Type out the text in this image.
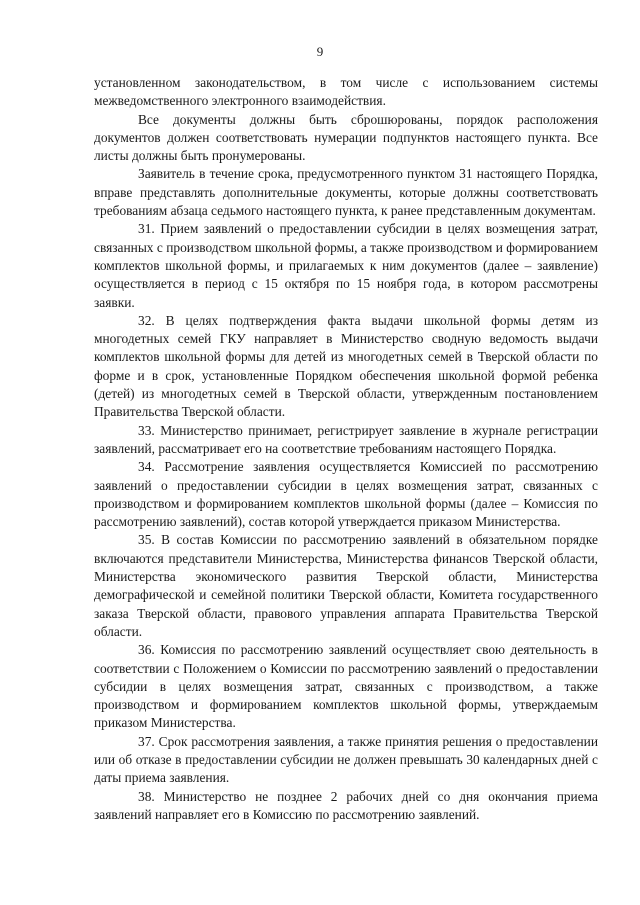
9

установленном законодательством, в том числе с использованием системы межведомственного электронного взаимодействия.

Все документы должны быть сброшюрованы, порядок расположения документов должен соответствовать нумерации подпунктов настоящего пункта. Все листы должны быть пронумерованы.

Заявитель в течение срока, предусмотренного пунктом 31 настоящего Порядка, вправе представлять дополнительные документы, которые должны соответствовать требованиям абзаца седьмого настоящего пункта, к ранее представленным документам.

31. Прием заявлений о предоставлении субсидии в целях возмещения затрат, связанных с производством школьной формы, а также производством и формированием комплектов школьной формы, и прилагаемых к ним документов (далее – заявление) осуществляется в период с 15 октября по 15 ноября года, в котором рассмотрены заявки.

32. В целях подтверждения факта выдачи школьной формы детям из многодетных семей ГКУ направляет в Министерство сводную ведомость выдачи комплектов школьной формы для детей из многодетных семей в Тверской области по форме и в срок, установленные Порядком обеспечения школьной формой ребенка (детей) из многодетных семей в Тверской области, утвержденным постановлением Правительства Тверской области.

33. Министерство принимает, регистрирует заявление в журнале регистрации заявлений, рассматривает его на соответствие требованиям настоящего Порядка.

34. Рассмотрение заявления осуществляется Комиссией по рассмотрению заявлений о предоставлении субсидии в целях возмещения затрат, связанных с производством и формированием комплектов школьной формы (далее – Комиссия по рассмотрению заявлений), состав которой утверждается приказом Министерства.

35. В состав Комиссии по рассмотрению заявлений в обязательном порядке включаются представители Министерства, Министерства финансов Тверской области, Министерства экономического развития Тверской области, Министерства демографической и семейной политики Тверской области, Комитета государственного заказа Тверской области, правового управления аппарата Правительства Тверской области.

36. Комиссия по рассмотрению заявлений осуществляет свою деятельность в соответствии с Положением о Комиссии по рассмотрению заявлений о предоставлении субсидии в целях возмещения затрат, связанных с производством, а также производством и формированием комплектов школьной формы, утверждаемым приказом Министерства.

37. Срок рассмотрения заявления, а также принятия решения о предоставлении или об отказе в предоставлении субсидии не должен превышать 30 календарных дней с даты приема заявления.

38. Министерство не позднее 2 рабочих дней со дня окончания приема заявлений направляет его в Комиссию по рассмотрению заявлений.
